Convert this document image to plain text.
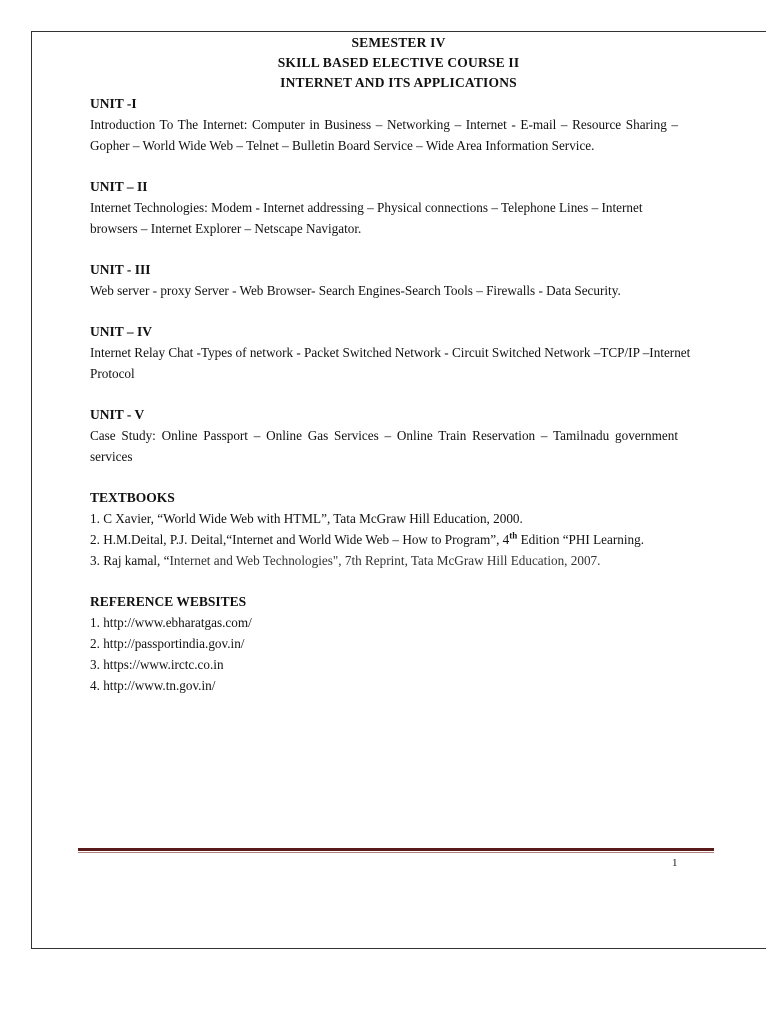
SEMESTER IV
SKILL BASED ELECTIVE COURSE II
INTERNET AND ITS APPLICATIONS

UNIT -I

Introduction To The Internet: Computer in Business – Networking – Internet - E-mail – Resource Sharing – Gopher – World Wide Web – Telnet – Bulletin Board Service – Wide Area Information Service.

UNIT – II

Internet Technologies: Modem - Internet addressing – Physical connections – Telephone Lines – Internet browsers – Internet Explorer – Netscape Navigator.

UNIT - III

Web server - proxy Server - Web Browser- Search Engines-Search Tools – Firewalls - Data Security.

UNIT – IV

Internet Relay Chat -Types of network - Packet Switched Network - Circuit Switched Network –TCP/IP –Internet Protocol

UNIT - V

Case Study: Online Passport – Online Gas Services – Online Train Reservation – Tamilnadu government services

TEXTBOOKS

1. C Xavier, “World Wide Web with HTML”, Tata McGraw Hill Education, 2000.

2. H.M.Deital, P.J. Deital,“Internet and World Wide Web – How to Program”, 4th Edition “PHI Learning.

3. Raj kamal, “Internet and Web Technologies", 7th Reprint, Tata McGraw Hill Education, 2007.

REFERENCE WEBSITES

1. http://www.ebharatgas.com/

2. http://passportindia.gov.in/

3. https://www.irctc.co.in

4. http://www.tn.gov.in/

1
